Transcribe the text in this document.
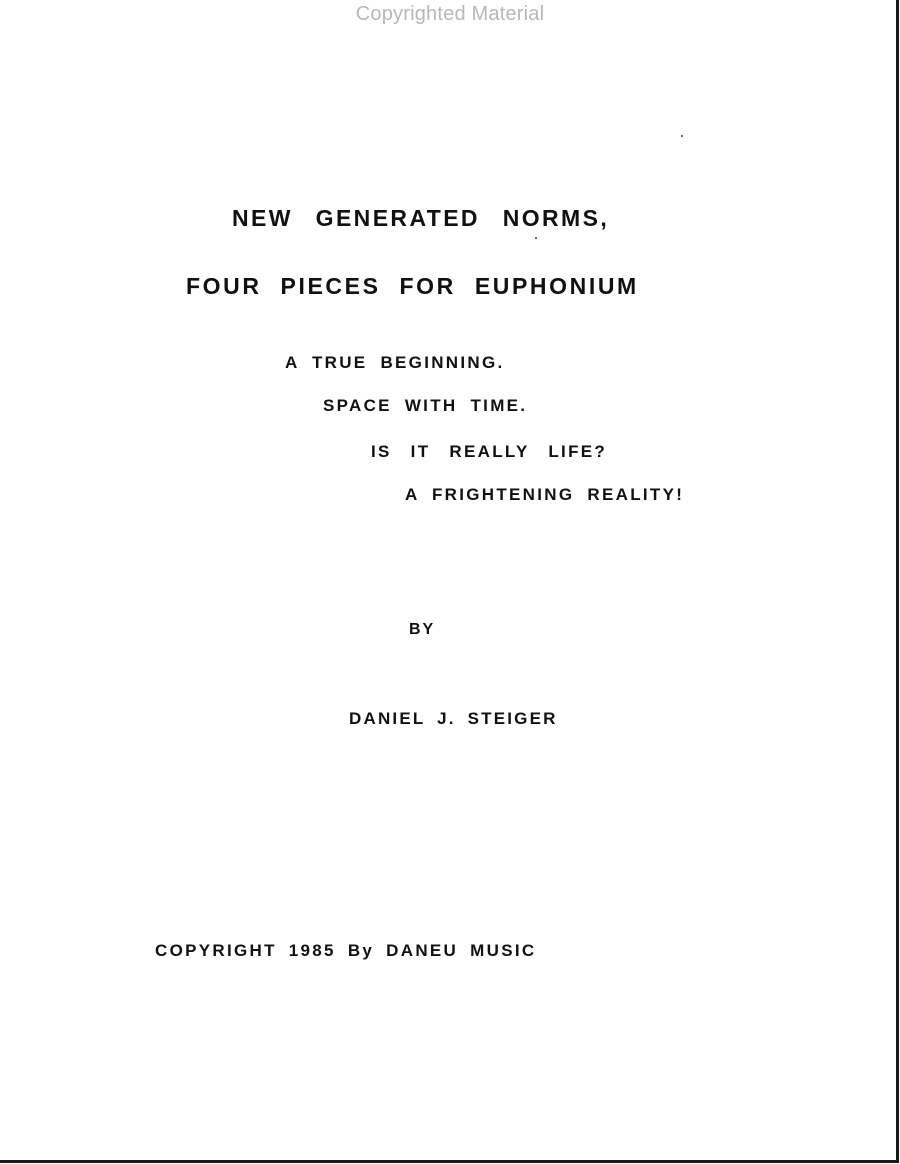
Copyrighted Material
NEW GENERATED NORMS,
FOUR PIECES FOR EUPHONIUM
A TRUE BEGINNING.
SPACE WITH TIME.
IS IT REALLY LIFE?
A FRIGHTENING REALITY!
BY
DANIEL J. STEIGER
COPYRIGHT 1985 By DANEU MUSIC
